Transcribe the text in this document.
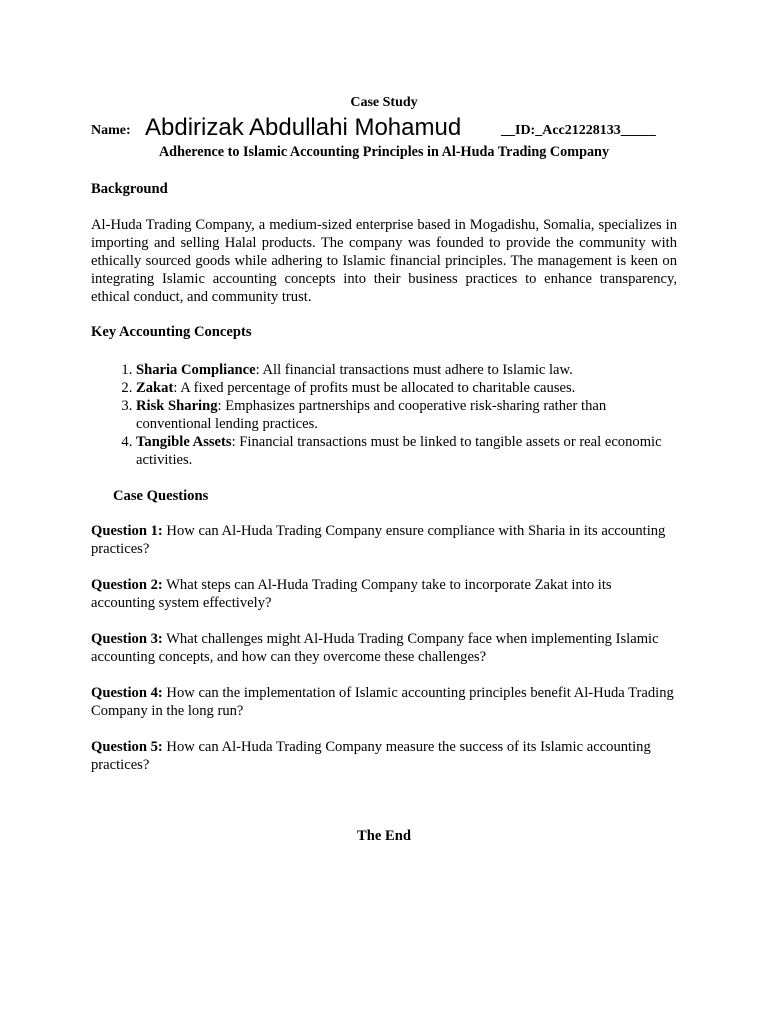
Case Study
Name: Abdirizak Abdullahi Mohamud	__ID:_Acc21228133_____
Adherence to Islamic Accounting Principles in Al-Huda Trading Company
Background

Al-Huda Trading Company, a medium-sized enterprise based in Mogadishu, Somalia, specializes in importing and selling Halal products. The company was founded to provide the community with ethically sourced goods while adhering to Islamic financial principles. The management is keen on integrating Islamic accounting concepts into their business practices to enhance transparency, ethical conduct, and community trust.

Key Accounting Concepts
1. Sharia Compliance: All financial transactions must adhere to Islamic law.
2. Zakat: A fixed percentage of profits must be allocated to charitable causes.
3. Risk Sharing: Emphasizes partnerships and cooperative risk-sharing rather than conventional lending practices.
4. Tangible Assets: Financial transactions must be linked to tangible assets or real economic activities.
Case Questions

Question 1: How can Al-Huda Trading Company ensure compliance with Sharia in its accounting practices?

Question 2: What steps can Al-Huda Trading Company take to incorporate Zakat into its accounting system effectively?

Question 3: What challenges might Al-Huda Trading Company face when implementing Islamic accounting concepts, and how can they overcome these challenges?

Question 4: How can the implementation of Islamic accounting principles benefit Al-Huda Trading Company in the long run?

Question 5: How can Al-Huda Trading Company measure the success of its Islamic accounting practices?

The End
